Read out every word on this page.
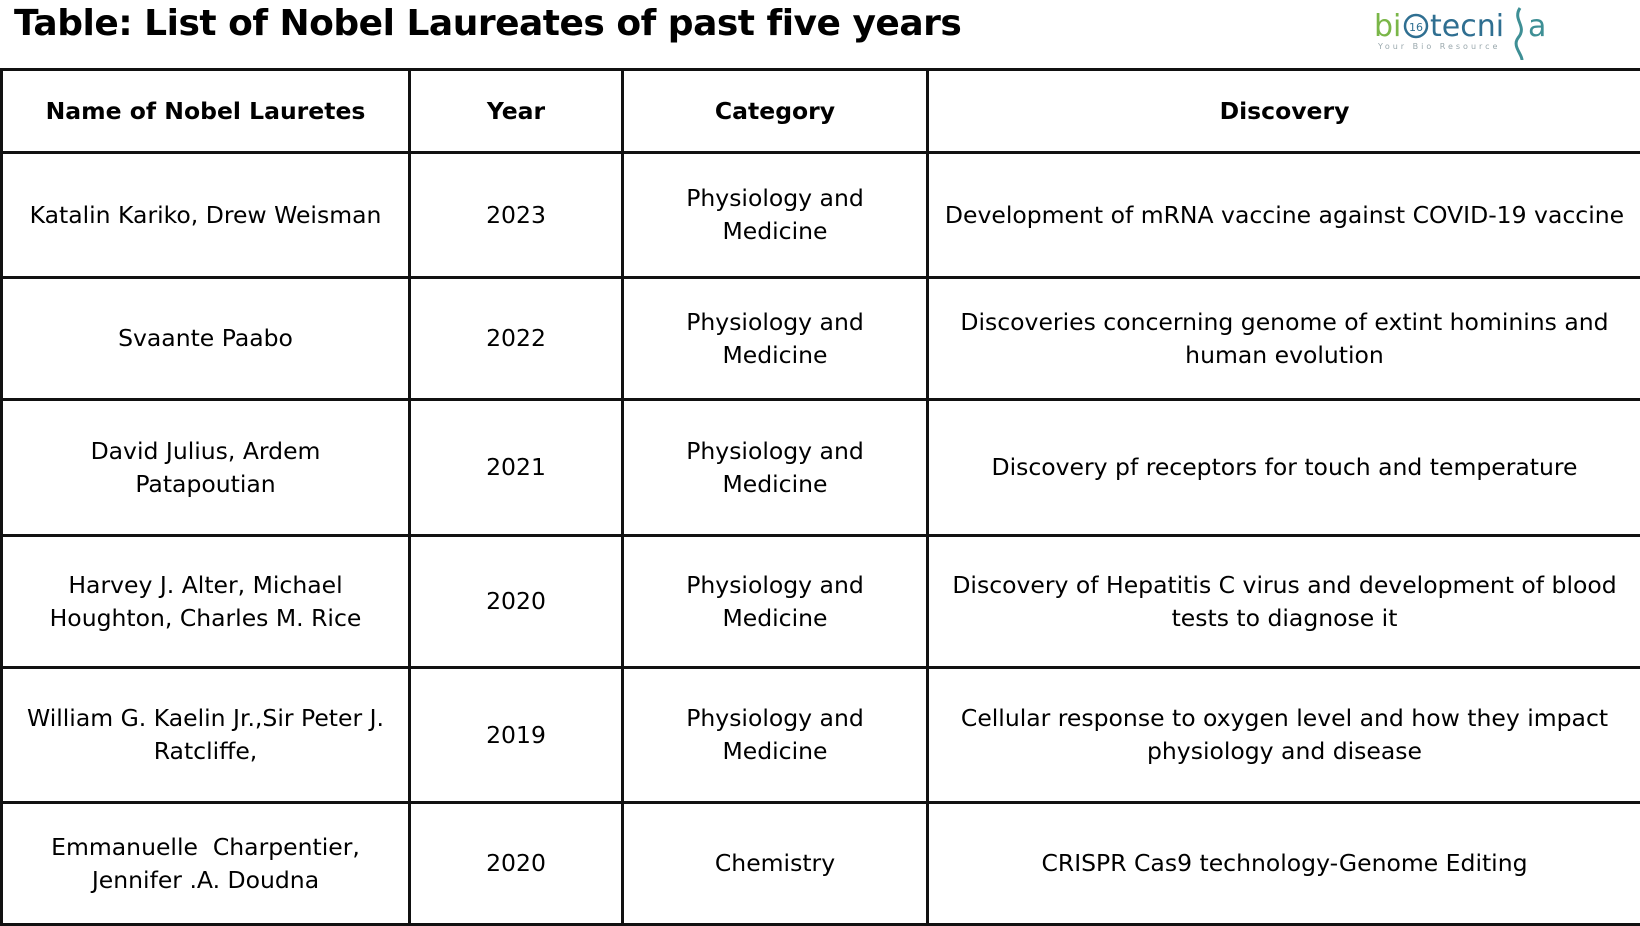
Table: List of Nobel Laureates of past five years	bi 16 tecni a
Your Bio Resource
Name of Nobel Lauretes	Year	Category	Discovery
Katalin Kariko, Drew Weisman	2023	Physiology and Medicine	Development of mRNA vaccine against COVID-19 vaccine
Svaante Paabo	2022	Physiology and Medicine	Discoveries concerning genome of extint hominins and human evolution
David Julius, Ardem Patapoutian	2021	Physiology and Medicine	Discovery pf receptors for touch and temperature
Harvey J. Alter, Michael Houghton, Charles M. Rice	2020	Physiology and Medicine	Discovery of Hepatitis C virus and development of blood tests to diagnose it
William G. Kaelin Jr.,Sir Peter J. Ratcliffe,	2019	Physiology and Medicine	Cellular response to oxygen level and how they impact physiology and disease
Emmanuelle  Charpentier, Jennifer .A. Doudna	2020	Chemistry	CRISPR Cas9 technology-Genome Editing
